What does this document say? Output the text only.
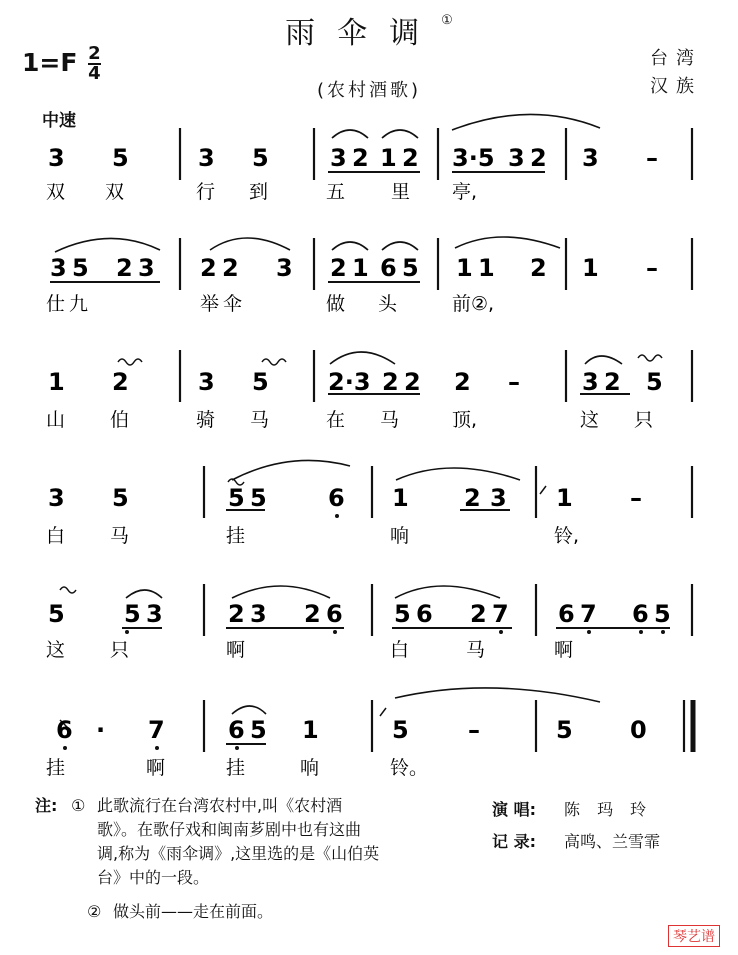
雨伞调①
$1=F \frac{2}{4}$
(农村酒歌)
台湾
汉族
中速
3 5	3 5	3 2 1 2 3·5 3 2 3 –
双双 行到 五里
亭,
3 5 2 3 2 2 3 2 1 6 5 1 1 2 1 –
仕九	举伞	做 头	前②,
1 2	3 5 2·3 2 2 2 –	3 2 5
山 伯	骑 马	在 马	顶,	这 只
3 5	5 5	6 1 2 3 1 –
白 马	挂	响	铃,
5 5 3	2 3 2 6 5 6 2 7 6 7 6 5
这 只	啊	白	马	啊
6 · 7	6 5 1	5 –	5 0
挂	啊	挂	响	铃。
注: ① 此歌流行在台湾农村中,叫《农村酒
歌》。在歌仔戏和闽南芗剧中也有这曲
调,称为《雨伞调》,这里选的是《山伯英
台》中的一段。
② 做头前——走在前面。
演 唱: 陈 玛 玲
记 录: 高鸣、兰雪霏
琴艺谱
